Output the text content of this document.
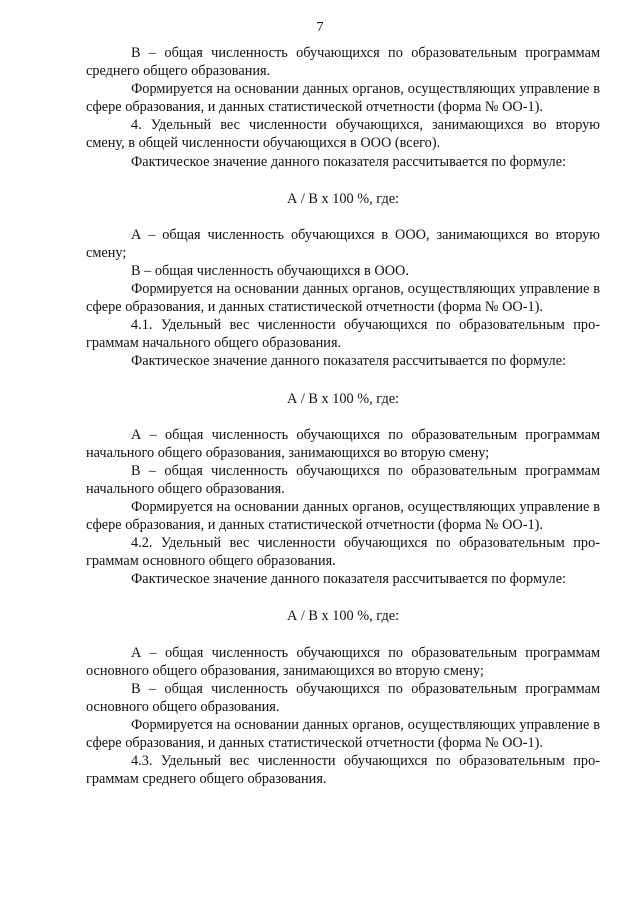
7

В – общая численность обучающихся по образовательным программам среднего общего образования.

Формируется на основании данных органов, осуществляющих управление в сфере образования, и данных статистической отчетности (форма № ОО-1).

4. Удельный вес численности обучающихся, занимающихся во вторую смену, в общей численности обучающихся в ООО (всего).

Фактическое значение данного показателя рассчитывается по формуле:

А / В х 100 %, где:

А – общая численность обучающихся в ООО, занимающихся во вторую смену;

В – общая численность обучающихся в ООО.

Формируется на основании данных органов, осуществляющих управление в сфере образования, и данных статистической отчетности (форма № ОО-1).

4.1. Удельный вес численности обучающихся по образовательным программам начального общего образования.

Фактическое значение данного показателя рассчитывается по формуле:

А / В х 100 %, где:

А – общая численность обучающихся по образовательным программам начального общего образования, занимающихся во вторую смену;

В – общая численность обучающихся по образовательным программам начального общего образования.

Формируется на основании данных органов, осуществляющих управление в сфере образования, и данных статистической отчетности (форма № ОО-1).

4.2. Удельный вес численности обучающихся по образовательным программам основного общего образования.

Фактическое значение данного показателя рассчитывается по формуле:

А / В х 100 %, где:

А – общая численность обучающихся по образовательным программам основного общего образования, занимающихся во вторую смену;

В – общая численность обучающихся по образовательным программам основного общего образования.

Формируется на основании данных органов, осуществляющих управление в сфере образования, и данных статистической отчетности (форма № ОО-1).

4.3. Удельный вес численности обучающихся по образовательным программам среднего общего образования.
